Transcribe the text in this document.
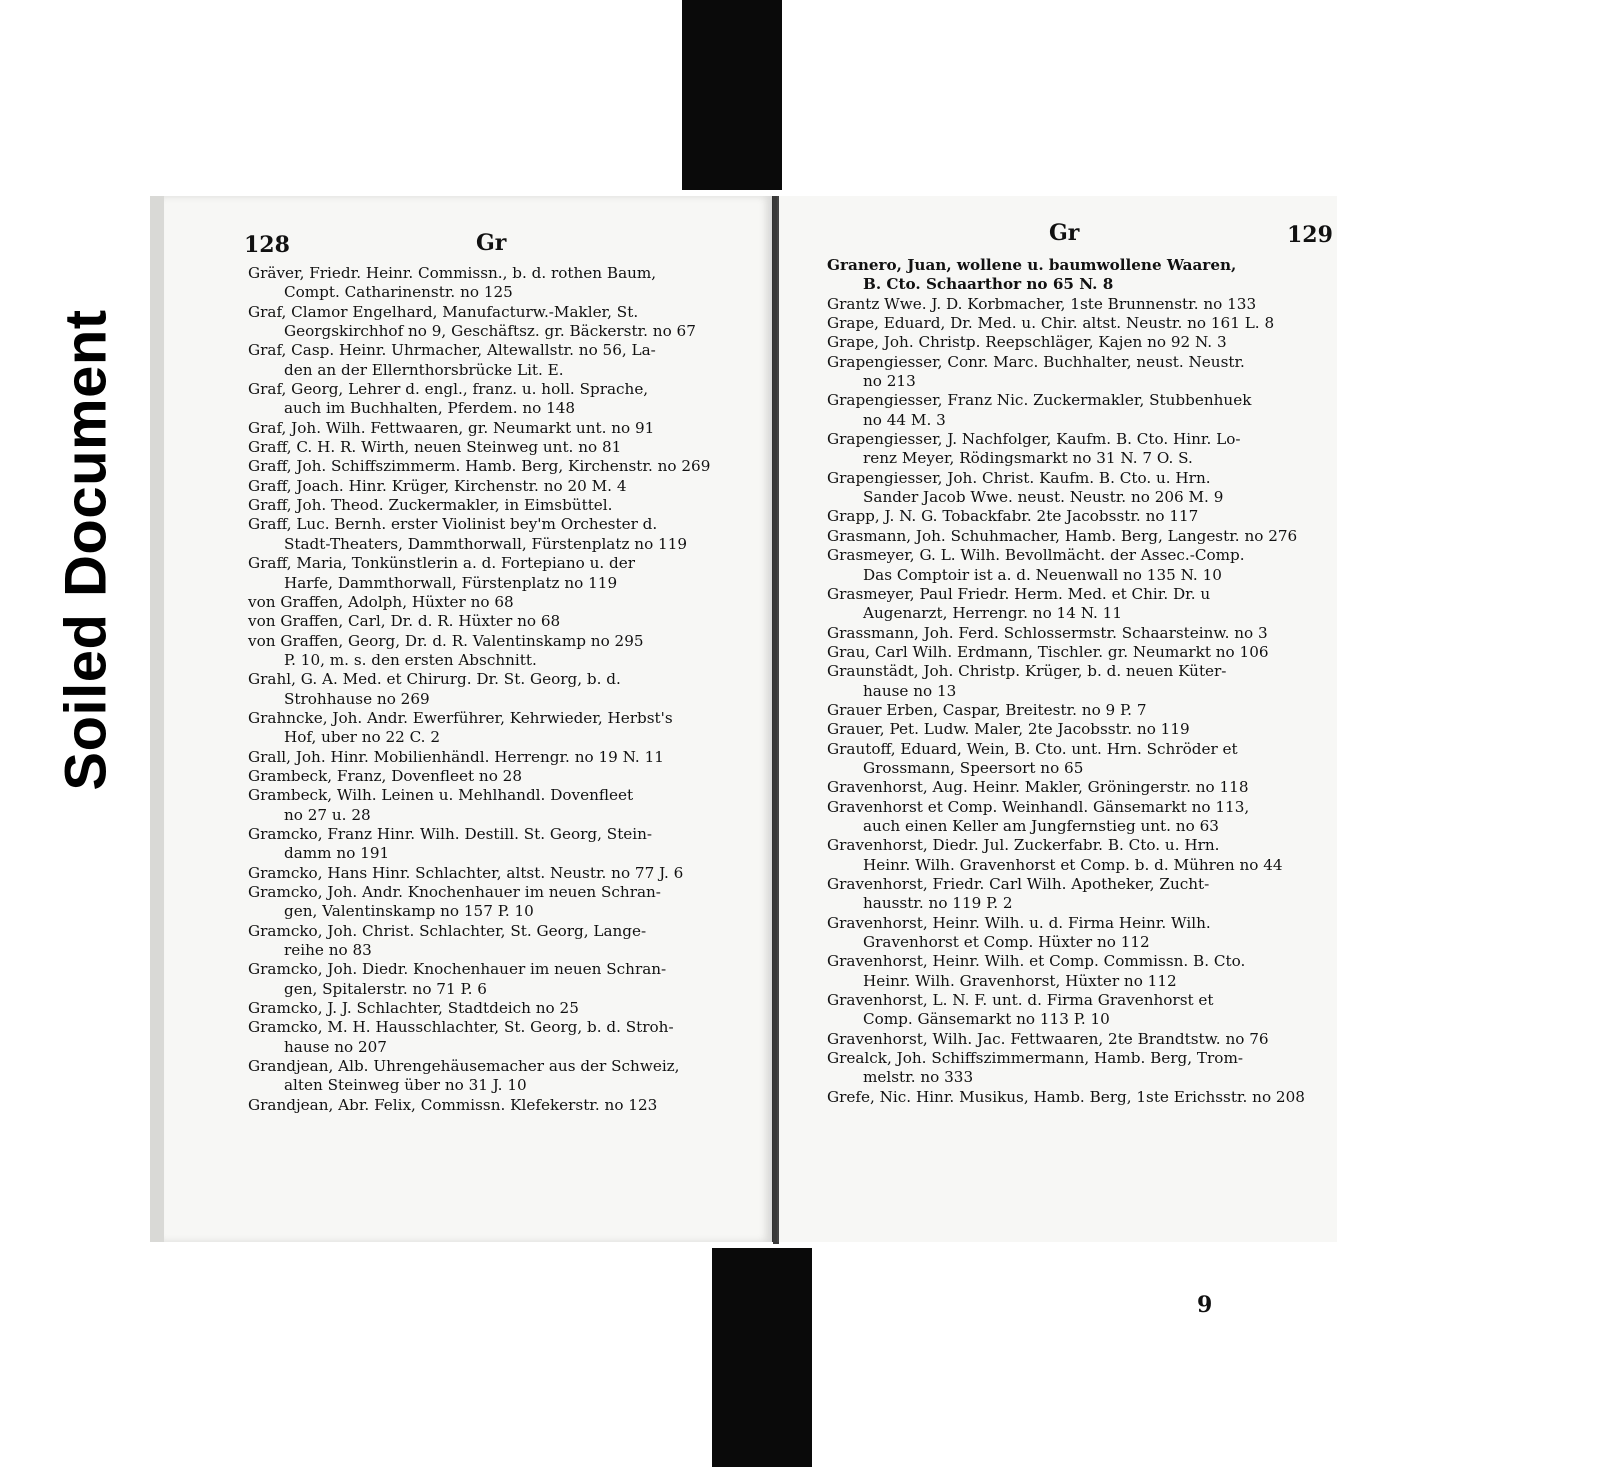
Soiled Document
128	Gr
Gräver, Friedr. Heinr. Commissn., b. d. rothen Baum,
Compt. Catharinenstr. no 125
Graf, Clamor Engelhard, Manufacturw.-Makler, St.
Georgskirchhof no 9, Geschäftsz. gr. Bäckerstr. no 67
Graf, Casp. Heinr. Uhrmacher, Altewallstr. no 56, La-
den an der Ellernthorsbrücke Lit. E.
Graf, Georg, Lehrer d. engl., franz. u. holl. Sprache,
auch im Buchhalten, Pferdem. no 148
Graf, Joh. Wilh. Fettwaaren, gr. Neumarkt unt. no 91
Graff, C. H. R. Wirth, neuen Steinweg unt. no 81
Graff, Joh. Schiffszimmerm. Hamb. Berg, Kirchenstr. no 269
Graff, Joach. Hinr. Krüger, Kirchenstr. no 20 M. 4
Graff, Joh. Theod. Zuckermakler, in Eimsbüttel.
Graff, Luc. Bernh. erster Violinist bey'm Orchester d.
Stadt-Theaters, Dammthorwall, Fürstenplatz no 119
Graff, Maria, Tonkünstlerin a. d. Fortepiano u. der
Harfe, Dammthorwall, Fürstenplatz no 119
von Graffen, Adolph, Hüxter no 68
von Graffen, Carl, Dr. d. R. Hüxter no 68
von Graffen, Georg, Dr. d. R. Valentinskamp no 295
P. 10, m. s. den ersten Abschnitt.
Grahl, G. A. Med. et Chirurg. Dr. St. Georg, b. d.
Strohhause no 269
Grahncke, Joh. Andr. Ewerführer, Kehrwieder, Herbst's
Hof, uber no 22 C. 2
Grall, Joh. Hinr. Mobilienhändl. Herrengr. no 19 N. 11
Grambeck, Franz, Dovenfleet no 28
Grambeck, Wilh. Leinen u. Mehlhandl. Dovenfleet
no 27 u. 28
Gramcko, Franz Hinr. Wilh. Destill. St. Georg, Stein-
damm no 191
Gramcko, Hans Hinr. Schlachter, altst. Neustr. no 77 J. 6
Gramcko, Joh. Andr. Knochenhauer im neuen Schran-
gen, Valentinskamp no 157 P. 10
Gramcko, Joh. Christ. Schlachter, St. Georg, Lange-
reihe no 83
Gramcko, Joh. Diedr. Knochenhauer im neuen Schran-
gen, Spitalerstr. no 71 P. 6
Gramcko, J. J. Schlachter, Stadtdeich no 25
Gramcko, M. H. Hausschlachter, St. Georg, b. d. Stroh-
hause no 207
Grandjean, Alb. Uhrengehäusemacher aus der Schweiz,
alten Steinweg über no 31 J. 10
Grandjean, Abr. Felix, Commissn. Klefekerstr. no 123
Gr	129
Granero, Juan, wollene u. baumwollene Waaren,
B. Cto. Schaarthor no 65 N. 8
Grantz Wwe. J. D. Korbmacher, 1ste Brunnenstr. no 133
Grape, Eduard, Dr. Med. u. Chir. altst. Neustr. no 161 L. 8
Grape, Joh. Christp. Reepschläger, Kajen no 92 N. 3
Grapengiesser, Conr. Marc. Buchhalter, neust. Neustr.
no 213
Grapengiesser, Franz Nic. Zuckermakler, Stubbenhuek
no 44 M. 3
Grapengiesser, J. Nachfolger, Kaufm. B. Cto. Hinr. Lo-
renz Meyer, Rödingsmarkt no 31 N. 7 O. S.
Grapengiesser, Joh. Christ. Kaufm. B. Cto. u. Hrn.
Sander Jacob Wwe. neust. Neustr. no 206 M. 9
Grapp, J. N. G. Tobackfabr. 2te Jacobsstr. no 117
Grasmann, Joh. Schuhmacher, Hamb. Berg, Langestr. no 276
Grasmeyer, G. L. Wilh. Bevollmächt. der Assec.-Comp.
Das Comptoir ist a. d. Neuenwall no 135 N. 10
Grasmeyer, Paul Friedr. Herm. Med. et Chir. Dr. u
Augenarzt, Herrengr. no 14 N. 11
Grassmann, Joh. Ferd. Schlossermstr. Schaarsteinw. no 3
Grau, Carl Wilh. Erdmann, Tischler. gr. Neumarkt no 106
Graunstädt, Joh. Christp. Krüger, b. d. neuen Küter-
hause no 13
Grauer Erben, Caspar, Breitestr. no 9 P. 7
Grauer, Pet. Ludw. Maler, 2te Jacobsstr. no 119
Grautoff, Eduard, Wein, B. Cto. unt. Hrn. Schröder et
Grossmann, Speersort no 65
Gravenhorst, Aug. Heinr. Makler, Gröningerstr. no 118
Gravenhorst et Comp. Weinhandl. Gänsemarkt no 113,
auch einen Keller am Jungfernstieg unt. no 63
Gravenhorst, Diedr. Jul. Zuckerfabr. B. Cto. u. Hrn.
Heinr. Wilh. Gravenhorst et Comp. b. d. Mühren no 44
Gravenhorst, Friedr. Carl Wilh. Apotheker, Zucht-
hausstr. no 119 P. 2
Gravenhorst, Heinr. Wilh. u. d. Firma Heinr. Wilh.
Gravenhorst et Comp. Hüxter no 112
Gravenhorst, Heinr. Wilh. et Comp. Commissn. B. Cto.
Heinr. Wilh. Gravenhorst, Hüxter no 112
Gravenhorst, L. N. F. unt. d. Firma Gravenhorst et
Comp. Gänsemarkt no 113 P. 10
Gravenhorst, Wilh. Jac. Fettwaaren, 2te Brandtstw. no 76
Grealck, Joh. Schiffszimmermann, Hamb. Berg, Trom-
melstr. no 333
Grefe, Nic. Hinr. Musikus, Hamb. Berg, 1ste Erichsstr. no 208
9
